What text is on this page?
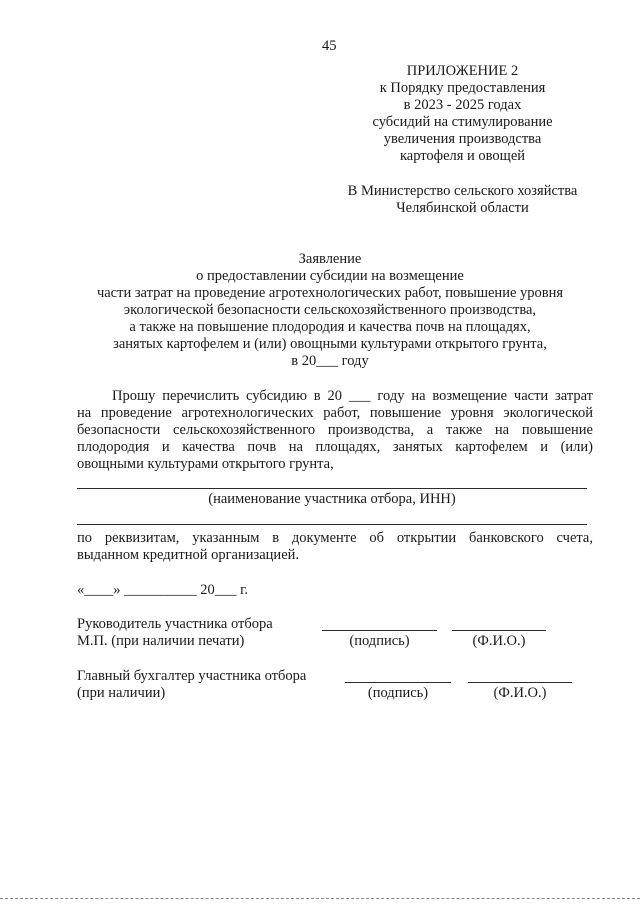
45
ПРИЛОЖЕНИЕ 2
к Порядку предоставления
в 2023 - 2025 годах
субсидий на стимулирование
увеличения производства
картофеля и овощей
В Министерство сельского хозяйства
Челябинской области
Заявление
о предоставлении субсидии на возмещение
части затрат на проведение агротехнологических работ, повышение уровня
экологической безопасности сельскохозяйственного производства,
а также на повышение плодородия и качества почв на площадях,
занятых картофелем и (или) овощными культурами открытого грунта,
в 20___ году
Прошу перечислить субсидию в 20 ___ году на возмещение части затрат
на проведение агротехнологических работ, повышение уровня экологической
безопасности сельскохозяйственного производства, а также на повышение
плодородия и качества почв на площадях, занятых картофелем и (или)
овощными культурами открытого грунта,
(наименование участника отбора, ИНН)
по реквизитам, указанным в документе об открытии банковского счета,
выданном кредитной организацией.
«____» __________ 20___ г.
Руководитель участника отбора
М.П. (при наличии печати)	(подпись)	(Ф.И.О.)
Главный бухгалтер участника отбора
(при наличии)	(подпись)	(Ф.И.О.)
